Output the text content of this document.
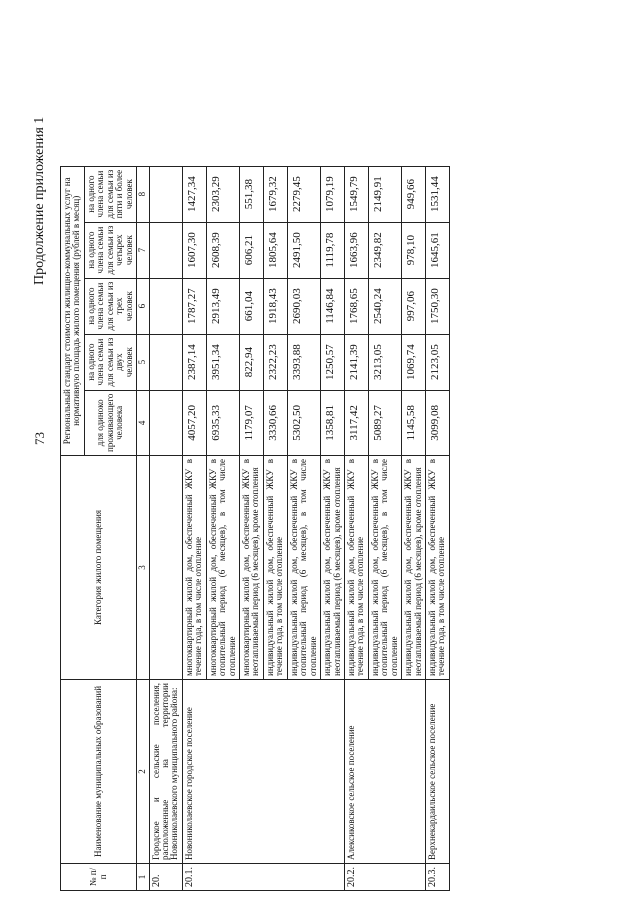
73
Продолжение приложения 1
№ п/п	Наименование муниципальных образований	Категория жилого помещения	Региональный стандарт стоимости жилищно-коммунальных услуг на нормативную площадь жилого помещения (рублей в месяц)				
			для одиноко проживающего человека	на одного члена семьи для семьи из двух человек	на одного члена семьи для семьи из трех человек	на одного члена семьи для семьи из четырех человек	на одного члена семьи для семьи из пяти и более человек

1	2	3	4	5	6	7	8
20.	Городское и сельские поселения, расположенные на территории Новониколаевского муниципального района:						
20.1.	Новониколаевское городское поселение	многоквартирный жилой дом, обеспеченный ЖКУ в течение года, в том числе отопление	4057,20	2387,14	1787,27	1607,30	1427,34
		многоквартирный жилой дом, обеспеченный ЖКУ в отопительный период (6 месяцев), в том числе отопление	6935,33	3951,34	2913,49	2608,39	2303,29
		многоквартирный жилой дом, обеспеченный ЖКУ в неотапливаемый период (6 месяцев), кроме отопления	1179,07	822,94	661,04	606,21	551,38
		индивидуальный жилой дом, обеспеченный ЖКУ в течение года, в том числе отопление	3330,66	2322,23	1918,43	1805,64	1679,32
		индивидуальный жилой дом, обеспеченный ЖКУ в отопительный период (6 месяцев), в том числе отопление	5302,50	3393,88	2690,03	2491,50	2279,45
		индивидуальный жилой дом, обеспеченный ЖКУ в неотапливаемый период (6 месяцев), кроме отопления	1358,81	1250,57	1146,84	1119,78	1079,19
20.2.	Алексиковское сельское поселение	индивидуальный жилой дом, обеспеченный ЖКУ в течение года, в том числе отопление	3117,42	2141,39	1768,65	1663,96	1549,79
		индивидуальный жилой дом, обеспеченный ЖКУ в отопительный период (6 месяцев), в том числе отопление	5089,27	3213,05	2540,24	2349,82	2149,91
		индивидуальный жилой дом, обеспеченный ЖКУ в неотапливаемый период (6 месяцев), кроме отопления	1145,58	1069,74	997,06	978,10	949,66
20.3.	Верхнекардаильское сельское поселение	индивидуальный жилой дом, обеспеченный ЖКУ в течение года, в том числе отопление	3099,08	2123,05	1750,30	1645,61	1531,44
